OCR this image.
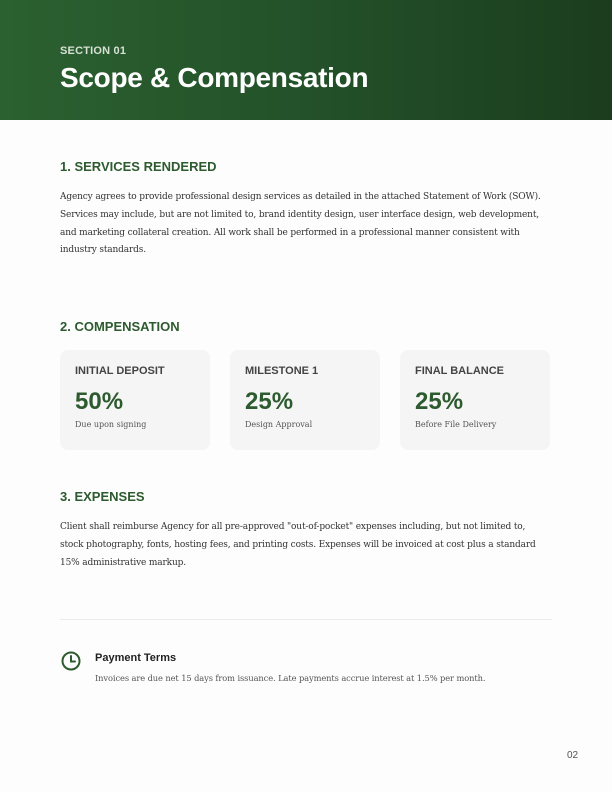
SECTION 01
Scope & Compensation
1. SERVICES RENDERED
Agency agrees to provide professional design services as detailed in the attached Statement of Work (SOW).
Services may include, but are not limited to, brand identity design, user interface design, web development,
and marketing collateral creation. All work shall be performed in a professional manner consistent with
industry standards.
2. COMPENSATION
INITIAL DEPOSIT
50%
Due upon signing
MILESTONE 1
25%
Design Approval
FINAL BALANCE
25%
Before File Delivery
3. EXPENSES
Client shall reimburse Agency for all pre-approved "out-of-pocket" expenses including, but not limited to,
stock photography, fonts, hosting fees, and printing costs. Expenses will be invoiced at cost plus a standard
15% administrative markup.
Payment Terms
Invoices are due net 15 days from issuance. Late payments accrue interest at 1.5% per month.
02
